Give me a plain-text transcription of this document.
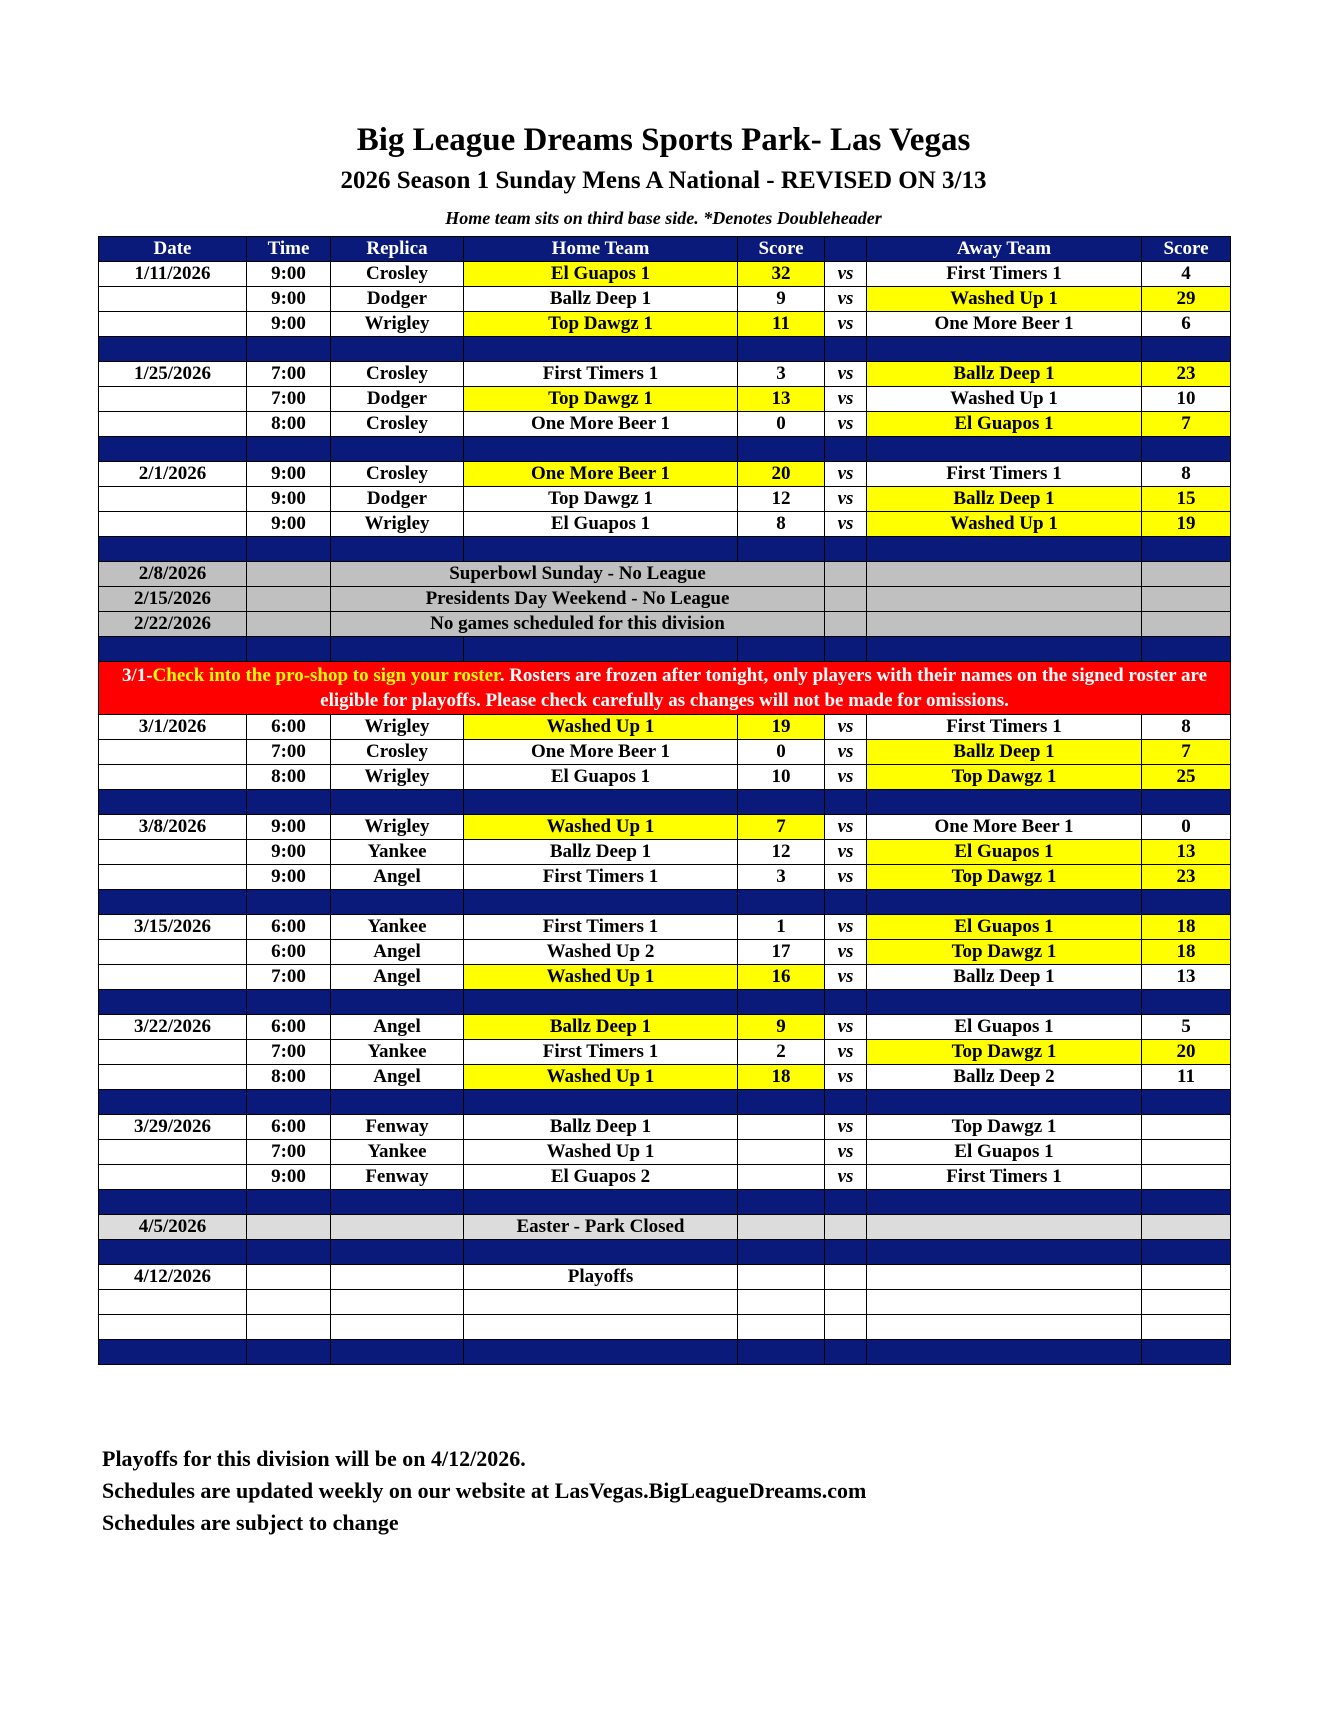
Big League Dreams Sports Park- Las Vegas
2026 Season 1 Sunday Mens A National - REVISED ON 3/13
Home team sits on third base side. *Denotes Doubleheader
Date	Time	Replica	Home Team	Score		Away Team	Score
1/11/2026	9:00	Crosley	El Guapos 1	32	vs	First Timers 1	4
	9:00	Dodger	Ballz Deep 1	9	vs	Washed Up 1	29
	9:00	Wrigley	Top Dawgz 1	11	vs	One More Beer 1	6

1/25/2026	7:00	Crosley	First Timers 1	3	vs	Ballz Deep 1	23
	7:00	Dodger	Top Dawgz 1	13	vs	Washed Up 1	10
	8:00	Crosley	One More Beer 1	0	vs	El Guapos 1	7

2/1/2026	9:00	Crosley	One More Beer 1	20	vs	First Timers 1	8
	9:00	Dodger	Top Dawgz 1	12	vs	Ballz Deep 1	15
	9:00	Wrigley	El Guapos 1	8	vs	Washed Up 1	19

2/8/2026		Superbowl Sunday - No League					
2/15/2026		Presidents Day Weekend - No League					
2/22/2026		No games scheduled for this division					

3/1-Check into the pro-shop to sign your roster. Rosters are frozen after tonight, only players with their names on the signed roster are eligible for playoffs. Please check carefully as changes will not be made for omissions.							
3/1/2026	6:00	Wrigley	Washed Up 1	19	vs	First Timers 1	8
	7:00	Crosley	One More Beer 1	0	vs	Ballz Deep 1	7
	8:00	Wrigley	El Guapos 1	10	vs	Top Dawgz 1	25

3/8/2026	9:00	Wrigley	Washed Up 1	7	vs	One More Beer 1	0
	9:00	Yankee	Ballz Deep 1	12	vs	El Guapos 1	13
	9:00	Angel	First Timers 1	3	vs	Top Dawgz 1	23

3/15/2026	6:00	Yankee	First Timers 1	1	vs	El Guapos 1	18
	6:00	Angel	Washed Up 2	17	vs	Top Dawgz 1	18
	7:00	Angel	Washed Up 1	16	vs	Ballz Deep 1	13

3/22/2026	6:00	Angel	Ballz Deep 1	9	vs	El Guapos 1	5
	7:00	Yankee	First Timers 1	2	vs	Top Dawgz 1	20
	8:00	Angel	Washed Up 1	18	vs	Ballz Deep 2	11

3/29/2026	6:00	Fenway	Ballz Deep 1		vs	Top Dawgz 1	
	7:00	Yankee	Washed Up 1		vs	El Guapos 1	
	9:00	Fenway	El Guapos 2		vs	First Timers 1	

4/5/2026			Easter - Park Closed				

4/12/2026			Playoffs				

Playoffs for this division will be on 4/12/2026.
Schedules are updated weekly on our website at LasVegas.BigLeagueDreams.com
Schedules are subject to change
